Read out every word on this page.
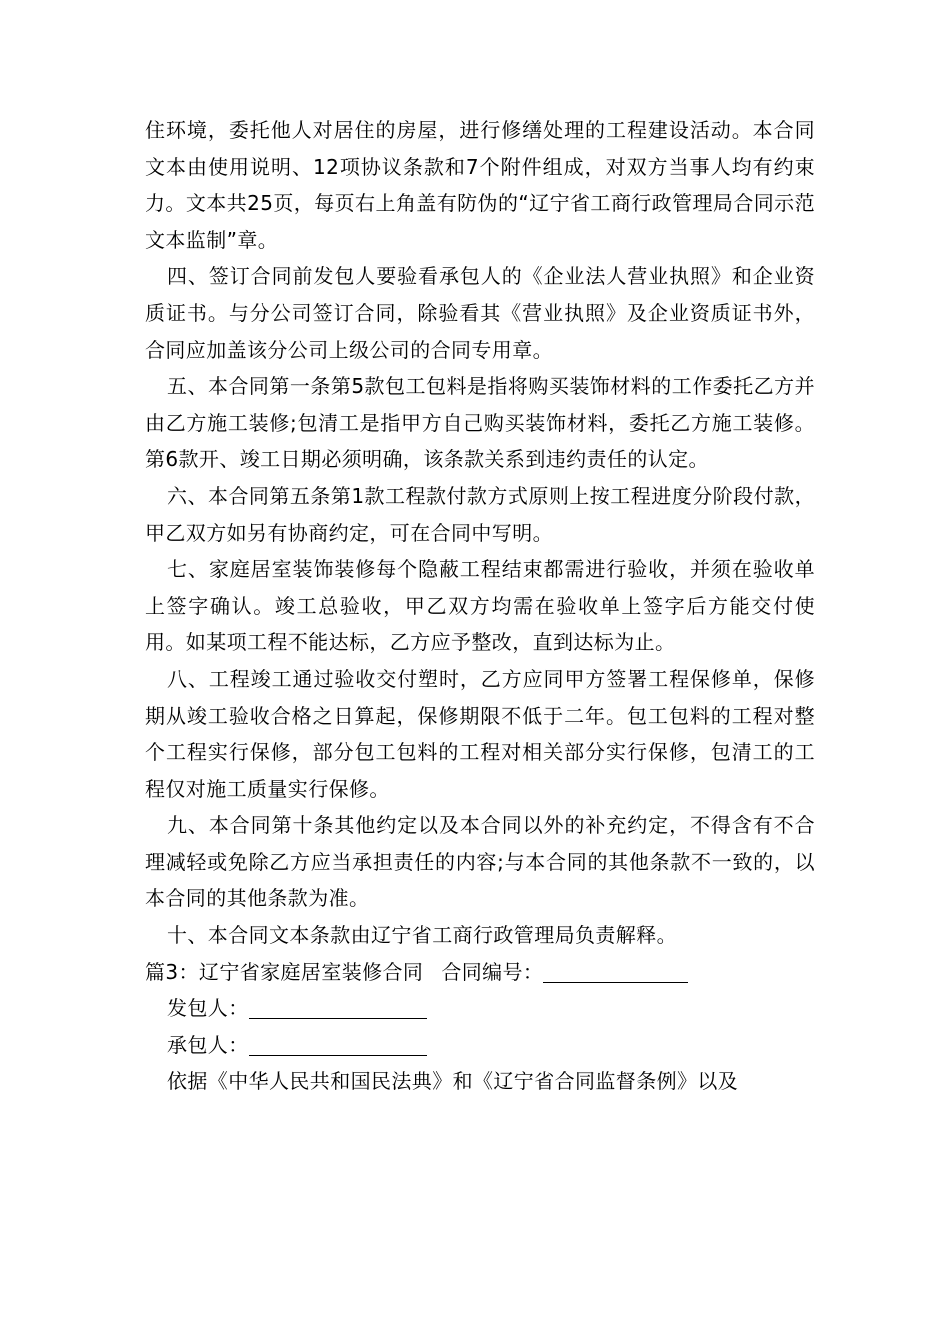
住环境，委托他人对居住的房屋，进行修缮处理的工程建设活动。本合同文本由使用说明、12项协议条款和7个附件组成，对双方当事人均有约束力。文本共25页，每页右上角盖有防伪的“辽宁省工商行政管理局合同示范文本监制”章。

四、签订合同前发包人要验看承包人的《企业法人营业执照》和企业资质证书。与分公司签订合同，除验看其《营业执照》及企业资质证书外，合同应加盖该分公司上级公司的合同专用章。

五、本合同第一条第5款包工包料是指将购买装饰材料的工作委托乙方并由乙方施工装修;包清工是指甲方自己购买装饰材料，委托乙方施工装修。第6款开、竣工日期必须明确，该条款关系到违约责任的认定。

六、本合同第五条第1款工程款付款方式原则上按工程进度分阶段付款，甲乙双方如另有协商约定，可在合同中写明。

七、家庭居室装饰装修每个隐蔽工程结束都需进行验收，并须在验收单上签字确认。竣工总验收，甲乙双方均需在验收单上签字后方能交付使用。如某项工程不能达标，乙方应予整改，直到达标为止。

八、工程竣工通过验收交付塑时，乙方应同甲方签署工程保修单，保修期从竣工验收合格之日算起，保修期限不低于二年。包工包料的工程对整个工程实行保修，部分包工包料的工程对相关部分实行保修，包清工的工程仅对施工质量实行保修。

九、本合同第十条其他约定以及本合同以外的补充约定，不得含有不合理减轻或免除乙方应当承担责任的内容;与本合同的其他条款不一致的，以本合同的其他条款为准。

十、本合同文本条款由辽宁省工商行政管理局负责解释。

篇3：辽宁省家庭居室装修合同 合同编号：

发包人：

承包人：

依据《中华人民共和国民法典》和《辽宁省合同监督条例》以及
